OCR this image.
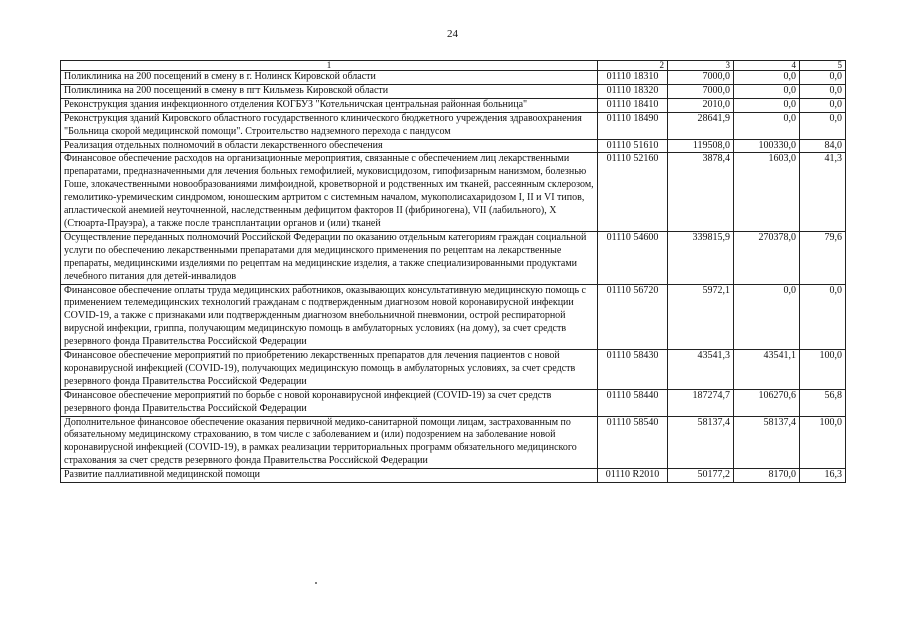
24
1	2	3	4	5
Поликлиника на 200 посещений в смену в г. Нолинск Кировской области	01110 18310	7000,0	0,0	0,0
Поликлиника на 200 посещений в смену в пгт Кильмезь Кировской области	01110 18320	7000,0	0,0	0,0
Реконструкция здания инфекционного отделения КОГБУЗ "Котельничская центральная районная больница"	01110 18410	2010,0	0,0	0,0
Реконструкция зданий Кировского областного государственного клинического бюджетного учреждения здравоохранения "Больница скорой медицинской помощи". Строительство надземного перехода с пандусом	01110 18490	28641,9	0,0	0,0
Реализация отдельных полномочий в области лекарственного обеспечения	01110 51610	119508,0	100330,0	84,0
Финансовое обеспечение расходов на организационные мероприятия, связанные с обеспечением лиц лекарственными препаратами, предназначенными для лечения больных гемофилией, муковисцидозом, гипофизарным нанизмом, болезнью Гоше, злокачественными новообразованиями лимфоидной, кроветворной и родственных им тканей, рассеянным склерозом, гемолитико-уремическим синдромом, юношеским артритом с системным началом, мукополисахаридозом I, II и VI типов, апластической анемией неуточненной, наследственным дефицитом факторов II (фибриногена), VII (лабильного), X (Стюарта-Прауэра), а также после трансплантации органов и (или) тканей	01110 52160	3878,4	1603,0	41,3
Осуществление переданных полномочий Российской Федерации по оказанию отдельным категориям граждан социальной услуги по обеспечению лекарственными препаратами для медицинского применения по рецептам на лекарственные препараты, медицинскими изделиями по рецептам на медицинские изделия, а также специализированными продуктами лечебного питания для детей-инвалидов	01110 54600	339815,9	270378,0	79,6
Финансовое обеспечение оплаты труда медицинских работников, оказывающих консультативную медицинскую помощь с применением телемедицинских технологий гражданам с подтвержденным диагнозом новой коронавирусной инфекции COVID-19, а также с признаками или подтвержденным диагнозом внебольничной пневмонии, острой респираторной вирусной инфекции, гриппа, получающим медицинскую помощь в амбулаторных условиях (на дому), за счет средств резервного фонда Правительства Российской Федерации	01110 56720	5972,1	0,0	0,0
Финансовое обеспечение мероприятий по приобретению лекарственных препаратов для лечения пациентов с новой коронавирусной инфекцией (COVID-19), получающих медицинскую помощь в амбулаторных условиях, за счет средств резервного фонда Правительства Российской Федерации	01110 58430	43541,3	43541,1	100,0
Финансовое обеспечение мероприятий по борьбе с новой коронавирусной инфекцией (COVID-19) за счет средств резервного фонда Правительства Российской Федерации	01110 58440	187274,7	106270,6	56,8
Дополнительное финансовое обеспечение оказания первичной медико-санитарной помощи лицам, застрахованным по обязательному медицинскому страхованию, в том числе с заболеванием и (или) подозрением на заболевание новой коронавирусной инфекцией (COVID-19), в рамках реализации территориальных программ обязательного медицинского страхования за счет средств резервного фонда Правительства Российской Федерации	01110 58540	58137,4	58137,4	100,0
Развитие паллиативной медицинской помощи	01110 R2010	50177,2	8170,0	16,3
